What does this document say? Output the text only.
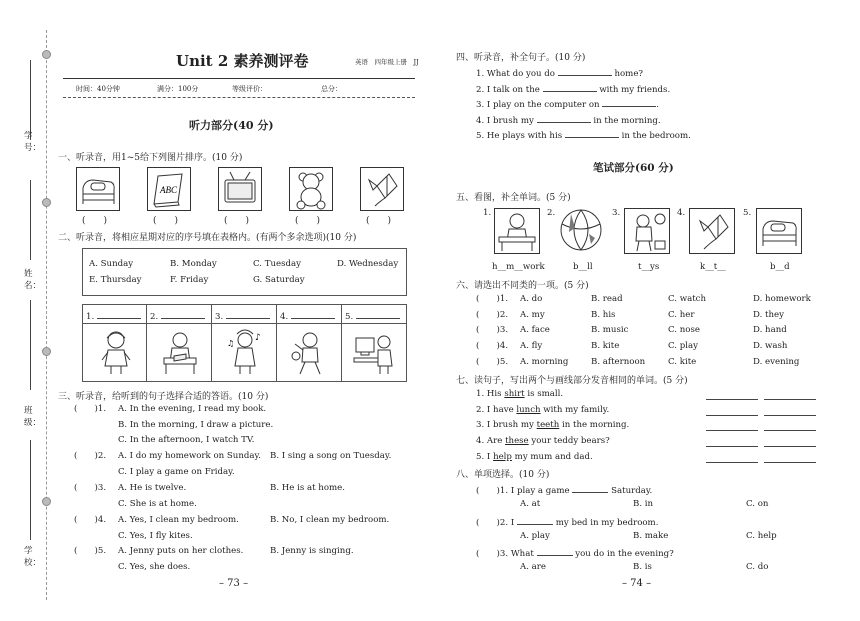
学号：
姓名：
班级：
学校：
Unit 2 素养测评卷	英语　四年级上册　JJ
时间：40分钟	满分：100分	等级评价：	总分：
听力部分(40 分)
一、听录音，用1~5给下列图片排序。(10 分)
ABC
(　　)	(　　)	(　　)	(　　)	(　　)
二、听录音，将相应星期对应的序号填在表格内。(有两个多余选项)(10 分)
A. Sunday	B. Monday	C. Tuesday	D. Wednesday
E. Thursday	F. Friday	G. Saturday
1.	2.	3.	4.	5.
♪
♫
三、听录音，给听到的句子选择合适的答语。(10 分)
(　　)1. A. In the evening, I read my book.
B. In the morning, I draw a picture.
C. In the afternoon, I watch TV.
(　　)2. A. I do my homework on Sunday. B. I sing a song on Tuesday.
C. I play a game on Friday.
(　　)3. A. He is twelve.	B. He is at home.
C. She is at home.
(　　)4. A. Yes, I clean my bedroom.	B. No, I clean my bedroom.
C. Yes, I fly kites.
(　　)5. A. Jenny puts on her clothes.	B. Jenny is singing.
C. Yes, she does.
– 73 –
四、听录音，补全句子。(10 分)
1. What do you do	home?
2. I talk on the	with my friends.
3. I play on the computer on	.
4. I brush my	in the morning.
5. He plays with his	in the bedroom.
笔试部分(60 分)
五、看图，补全单词。(5 分)
1.	2.	3.	4.	5.
h__m__work	b__ll	t__ys	k__t__	b__d
六、请选出不同类的一项。(5 分)
(　　)1. A. do	B. read	C. watch	D. homework
(　　)2. A. my	B. his	C. her	D. they
(　　)3. A. face	B. music	C. nose	D. hand
(　　)4. A. fly	B. kite	C. play	D. wash
(　　)5. A. morning	B. afternoon	C. kite	D. evening
七、读句子，写出两个与画线部分发音相同的单词。(5 分)
1. His shirt is small.
2. I have lunch with my family.
3. I brush my teeth in the morning.
4. Are these your teddy bears?
5. I help my mum and dad.
八、单项选择。(10 分)
(　　)1. I play a game	Saturday.
A. at	B. in	C. on
(　　)2. I	my bed in my bedroom.
A. play	B. make	C. help
(　　)3. What	you do in the evening?
A. are	B. is	C. do
– 74 –
